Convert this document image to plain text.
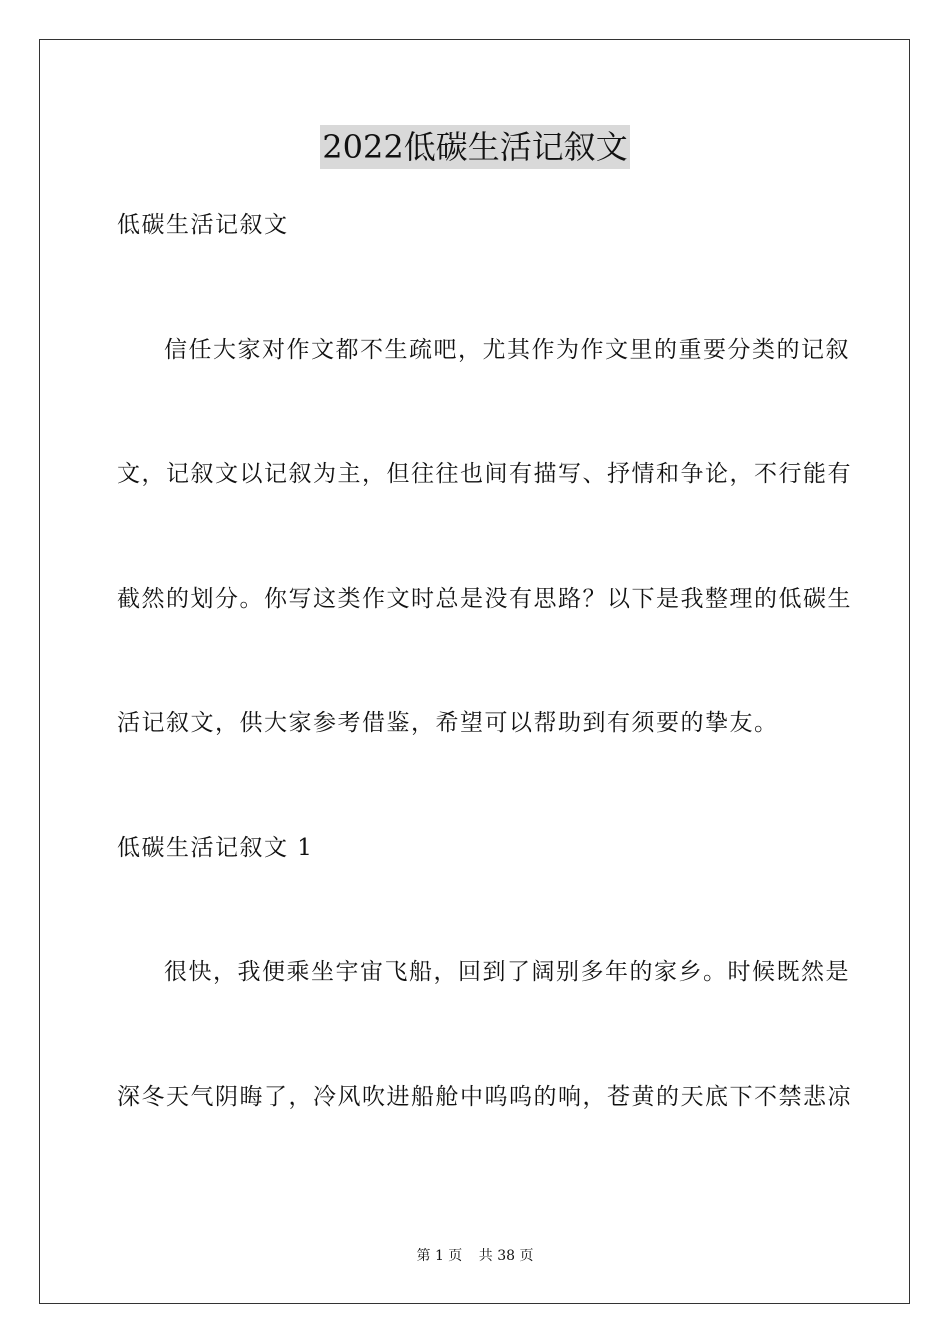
2022低碳生活记叙文
低碳生活记叙文
信任大家对作文都不生疏吧，尤其作为作文里的重要分类的记叙
文，记叙文以记叙为主，但往往也间有描写、抒情和争论，不行能有
截然的划分。你写这类作文时总是没有思路？以下是我整理的低碳生
活记叙文，供大家参考借鉴，希望可以帮助到有须要的挚友。
低碳生活记叙文 1
很快，我便乘坐宇宙飞船，回到了阔别多年的家乡。时候既然是
深冬天气阴晦了，冷风吹进船舱中呜呜的响，苍黄的天底下不禁悲凉
第 1 页 共 38 页
